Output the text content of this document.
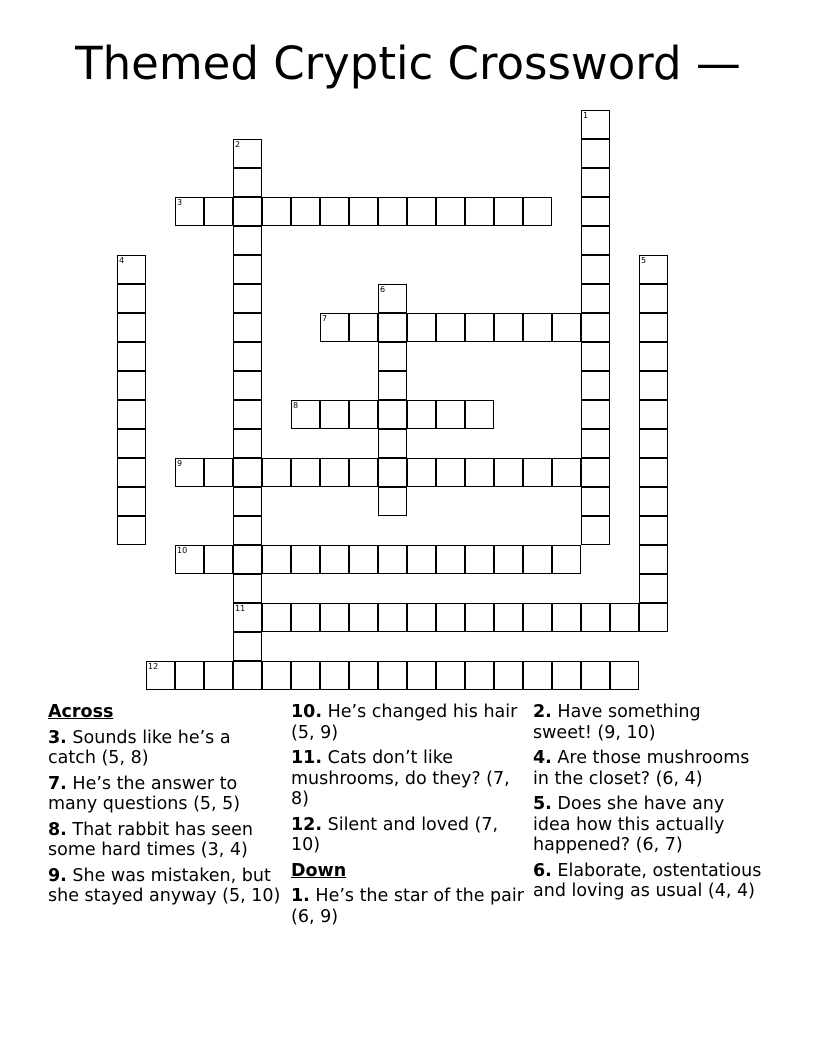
Themed Cryptic Crossword —
1
2
11
3
4	5
6
7
8
9
10
12
Across
3. Sounds like he’s a catch (5, 8)
7. He’s the answer to many questions (5, 5)
8. That rabbit has seen some hard times (3, 4)
9. She was mistaken, but she stayed anyway (5, 10)
10. He’s changed his hair (5, 9)
11. Cats don’t like mushrooms, do they? (7, 8)
12. Silent and loved (7, 10)
Down
1. He’s the star of the pair (6, 9)
2. Have something sweet! (9, 10)
4. Are those mushrooms in the closet? (6, 4)
5. Does she have any idea how this actually happened? (6, 7)
6. Elaborate, ostentatious and loving as usual (4, 4)
